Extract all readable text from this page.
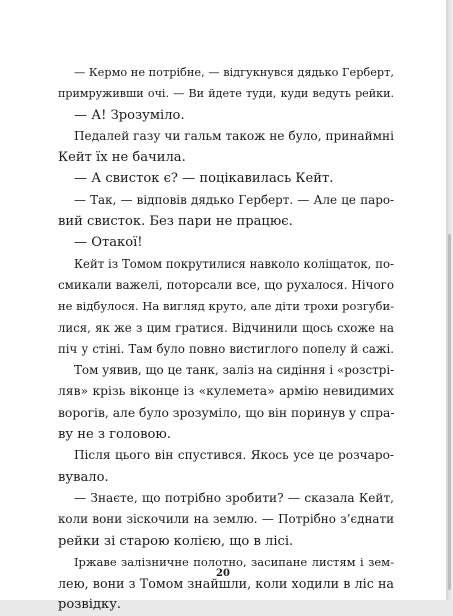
— Кермо не потрібне, — відгукнувся дядько Герберт,
примруживши очі. — Ви йдете туди, куди ведуть рейки.
— А! Зрозуміло.
Педалей газу чи гальм також не було, принаймні
Кейт їх не бачила.
— А свисток є? — поцікавилась Кейт.
— Так, — відповів дядько Герберт. — Але це паро-
вий свисток. Без пари не працює.
— Отакої!
Кейт із Томом покрутилися навколо коліщаток, по-
смикали важелі, поторсали все, що рухалося. Нічого
не відбулося. На вигляд круто, але діти трохи розгуби-
лися, як же з цим гратися. Відчинили щось схоже на
піч у стіні. Там було повно вистиглого попелу й сажі.
Том уявив, що це танк, заліз на сидіння і «розстрі-
ляв» крізь віконце із «кулемета» армію невидимих
ворогів, але було зрозуміло, що він поринув у спра-
ву не з головою.
Після цього він спустився. Якось усе це розчаро-
вувало.
— Знаєте, що потрібно зробити? — сказала Кейт,
коли вони зіскочили на землю. — Потрібно з’єднати
рейки зі старою колією, що в лісі.
Іржаве залізничне полотно, засипане листям і зем-
лею, вони з Томом знайшли, коли ходили в ліс на
розвідку.
20
